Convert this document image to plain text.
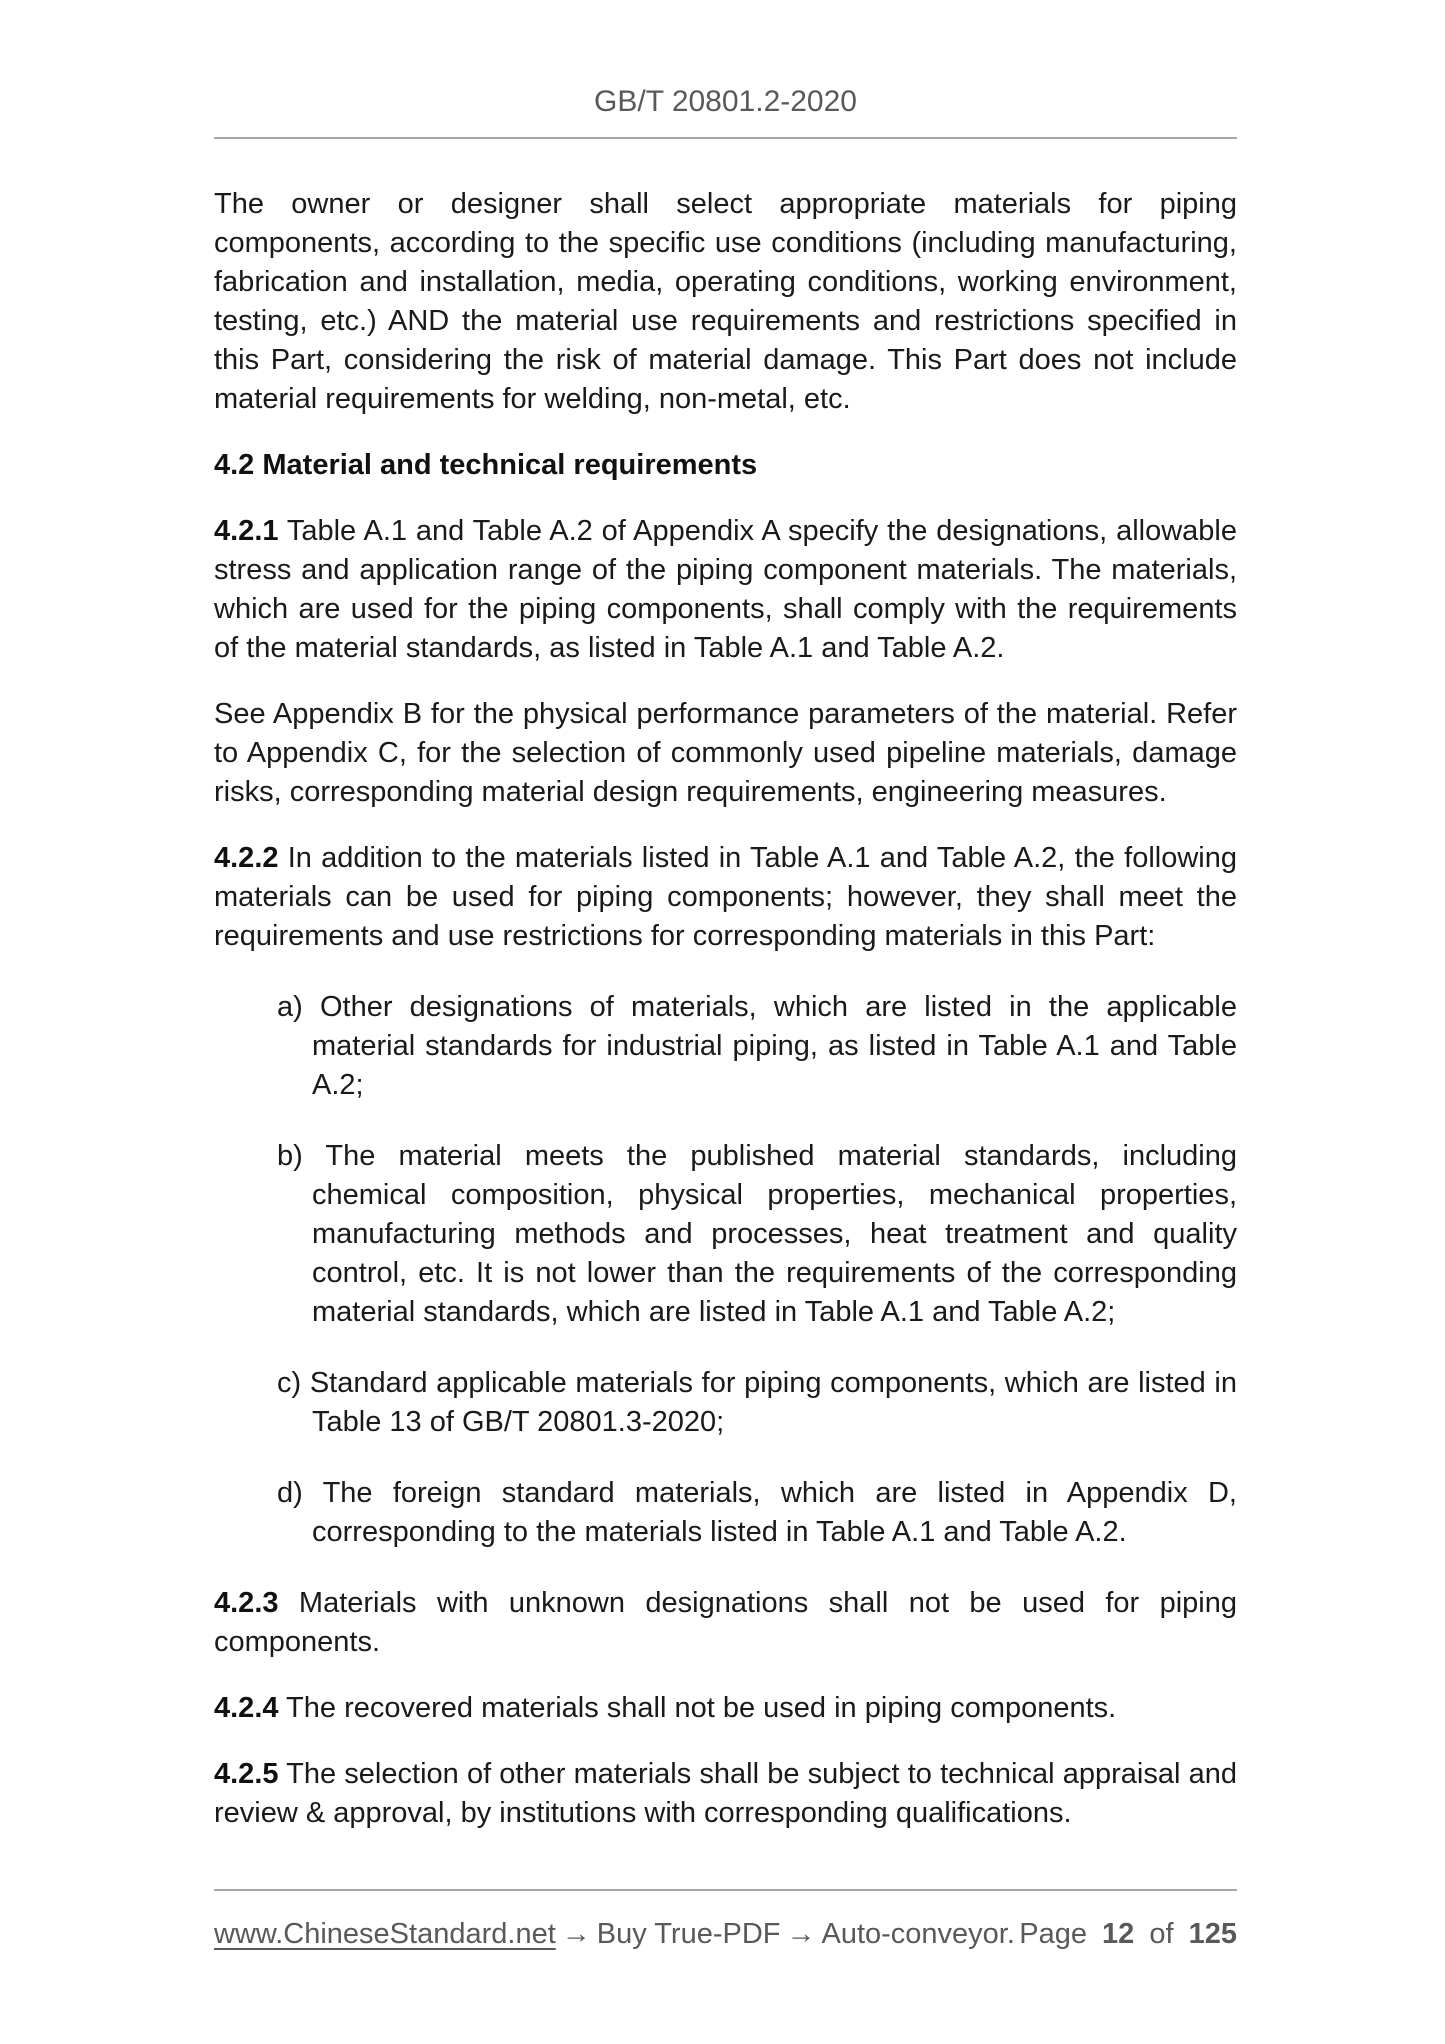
GB/T 20801.2-2020

The owner or designer shall select appropriate materials for piping components, according to the specific use conditions (including manufacturing, fabrication and installation, media, operating conditions, working environment, testing, etc.) AND the material use requirements and restrictions specified in this Part, considering the risk of material damage. This Part does not include material requirements for welding, non-metal, etc.

4.2 Material and technical requirements

4.2.1 Table A.1 and Table A.2 of Appendix A specify the designations, allowable stress and application range of the piping component materials. The materials, which are used for the piping components, shall comply with the requirements of the material standards, as listed in Table A.1 and Table A.2.

See Appendix B for the physical performance parameters of the material. Refer to Appendix C, for the selection of commonly used pipeline materials, damage risks, corresponding material design requirements, engineering measures.

4.2.2 In addition to the materials listed in Table A.1 and Table A.2, the following materials can be used for piping components; however, they shall meet the requirements and use restrictions for corresponding materials in this Part:

a) Other designations of materials, which are listed in the applicable material standards for industrial piping, as listed in Table A.1 and Table A.2;

b) The material meets the published material standards, including chemical composition, physical properties, mechanical properties, manufacturing methods and processes, heat treatment and quality control, etc. It is not lower than the requirements of the corresponding material standards, which are listed in Table A.1 and Table A.2;

c) Standard applicable materials for piping components, which are listed in Table 13 of GB/T 20801.3-2020;

d) The foreign standard materials, which are listed in Appendix D, corresponding to the materials listed in Table A.1 and Table A.2.

4.2.3 Materials with unknown designations shall not be used for piping components.

4.2.4 The recovered materials shall not be used in piping components.

4.2.5 The selection of other materials shall be subject to technical appraisal and review & approval, by institutions with corresponding qualifications.

www.ChineseStandard.net → Buy True-PDF → Auto-conveyor. Page 12 of 125
